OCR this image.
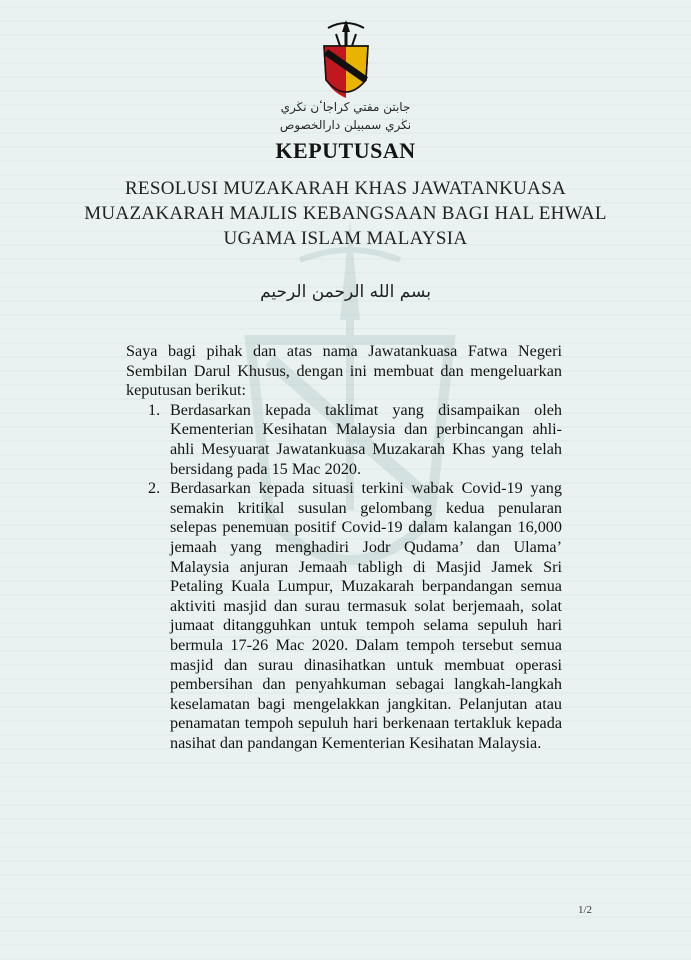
جابتن مفتي كراجاٴن نڬري
نڬري سمبيلن دارالخصوص
KEPUTUSAN
RESOLUSI MUZAKARAH KHAS JAWATANKUASA MUAZAKARAH MAJLIS KEBANGSAAN BAGI HAL EHWAL UGAMA ISLAM MALAYSIA
بسم الله الرحمن الرحيم

Saya bagi pihak dan atas nama Jawatankuasa Fatwa Negeri Sembilan Darul Khusus, dengan ini membuat dan mengeluarkan keputusan berikut:

1. Berdasarkan kepada taklimat yang disampaikan oleh Kementerian Kesihatan Malaysia dan perbincangan ahli-ahli Mesyuarat Jawatankuasa Muzakarah Khas yang telah bersidang pada 15 Mac 2020.
2. Berdasarkan kepada situasi terkini wabak Covid-19 yang semakin kritikal susulan gelombang kedua penularan selepas penemuan positif Covid-19 dalam kalangan 16,000 jemaah yang menghadiri Jodr Qudama’ dan Ulama’ Malaysia anjuran Jemaah tabligh di Masjid Jamek Sri Petaling Kuala Lumpur, Muzakarah berpandangan semua aktiviti masjid dan surau termasuk solat berjemaah, solat jumaat ditangguhkan untuk tempoh selama sepuluh hari bermula 17-26 Mac 2020. Dalam tempoh tersebut semua masjid dan surau dinasihatkan untuk membuat operasi pembersihan dan penyahkuman sebagai langkah-langkah keselamatan bagi mengelakkan jangkitan. Pelanjutan atau penamatan tempoh sepuluh hari berkenaan tertakluk kepada nasihat dan pandangan Kementerian Kesihatan Malaysia.
1/2
